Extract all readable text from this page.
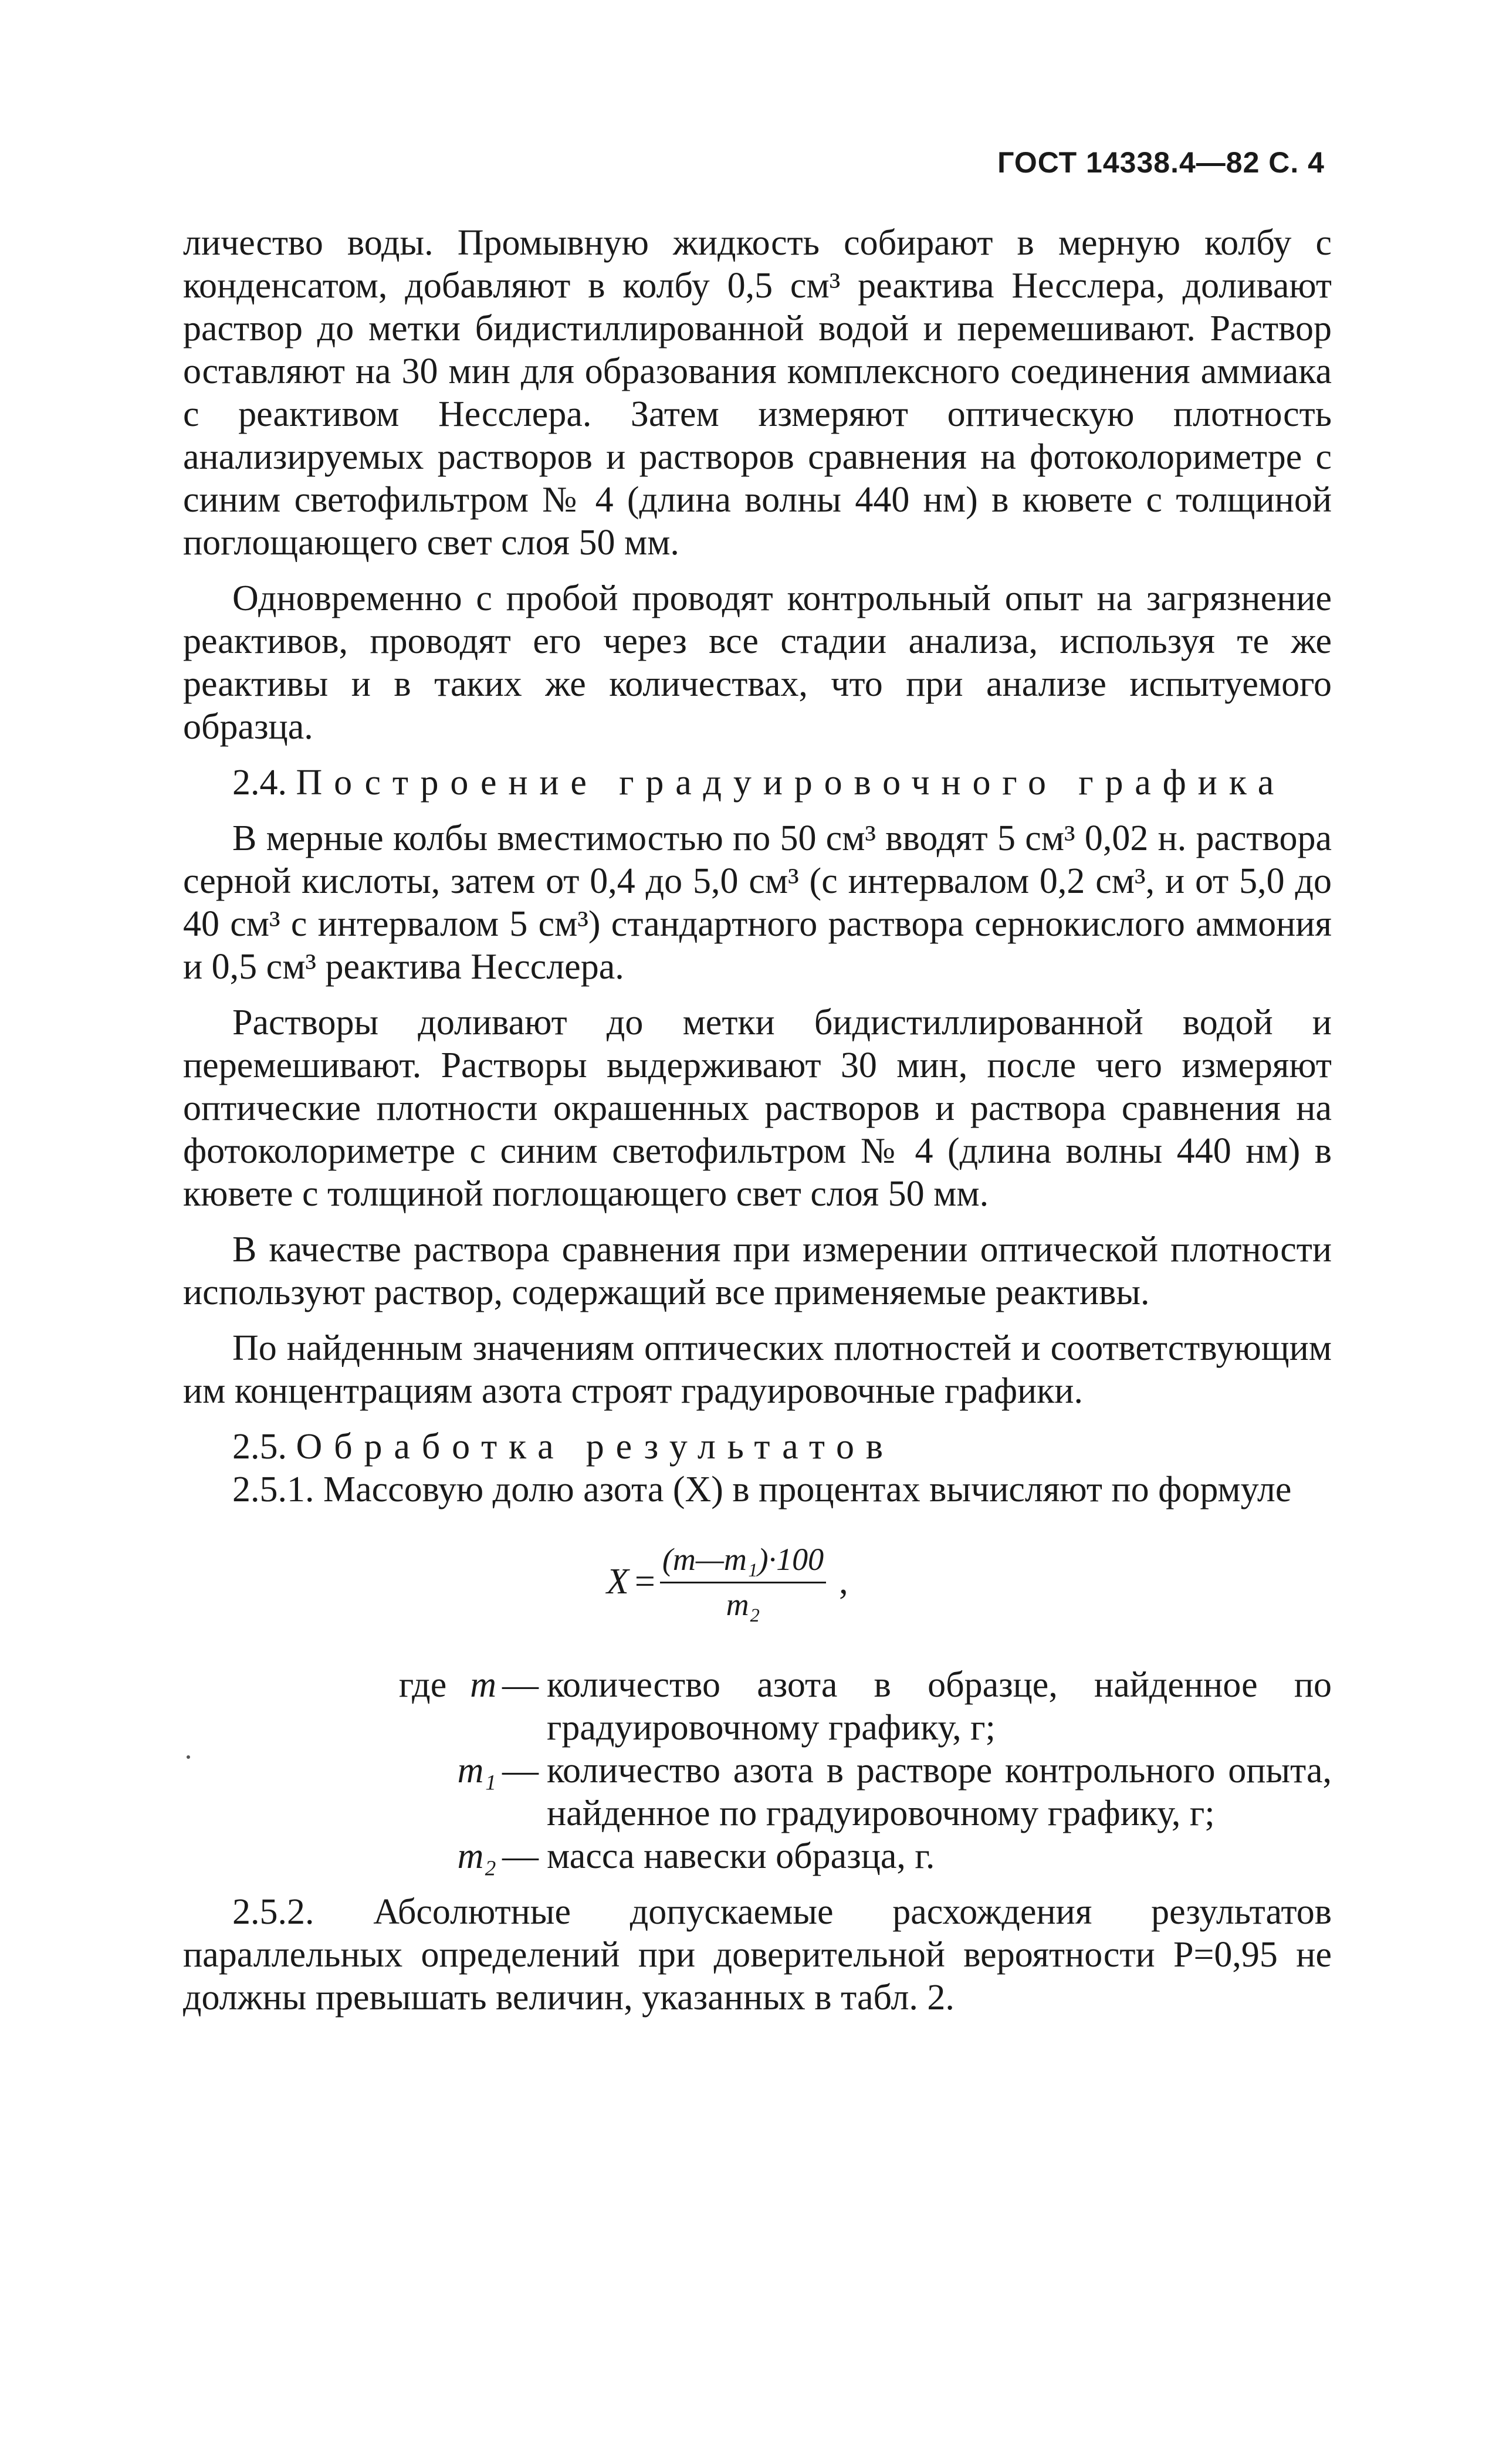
ГОСТ 14338.4—82 С. 4

личество воды. Промывную жидкость собирают в мерную колбу с конденсатом, добавляют в колбу 0,5 см³ реактива Несслера, доливают раствор до метки бидистиллированной водой и перемешивают. Раствор оставляют на 30 мин для образования комплексного соединения аммиака с реактивом Несслера. Затем измеряют оптическую плотность анализируемых растворов и растворов сравнения на фотоколориметре с синим светофильтром № 4 (длина волны 440 нм) в кювете с толщиной поглощающего свет слоя 50 мм.

Одновременно с пробой проводят контрольный опыт на загрязнение реактивов, проводят его через все стадии анализа, используя те же реактивы и в таких же количествах, что при анализе испытуемого образца.

2.4. Построение градуировочного графика

В мерные колбы вместимостью по 50 см³ вводят 5 см³ 0,02 н. раствора серной кислоты, затем от 0,4 до 5,0 см³ (с интервалом 0,2 см³, и от 5,0 до 40 см³ с интервалом 5 см³) стандартного раствора сернокислого аммония и 0,5 см³ реактива Несслера.

Растворы доливают до метки бидистиллированной водой и перемешивают. Растворы выдерживают 30 мин, после чего измеряют оптические плотности окрашенных растворов и раствора сравнения на фотоколориметре с синим светофильтром № 4 (длина волны 440 нм) в кювете с толщиной поглощающего свет слоя 50 мм.

В качестве раствора сравнения при измерении оптической плотности используют раствор, содержащий все применяемые реактивы.

По найденным значениям оптических плотностей и соответствующим им концентрациям азота строят градуировочные графики.

2.5. Обработка результатов

2.5.1. Массовую долю азота (X) в процентах вычисляют по формуле

$X = \frac{\text{(m—m₁)·100}}{\text{m₂}}$ ,
где m — количество азота в образце, найденное по градуировочному графику, г;
m₁ — количество азота в растворе контрольного опыта, найденное по градуировочному графику, г;
m₂ — масса навески образца, г.

2.5.2. Абсолютные допускаемые расхождения результатов параллельных определений при доверительной вероятности P=0,95 не должны превышать величин, указанных в табл. 2.
